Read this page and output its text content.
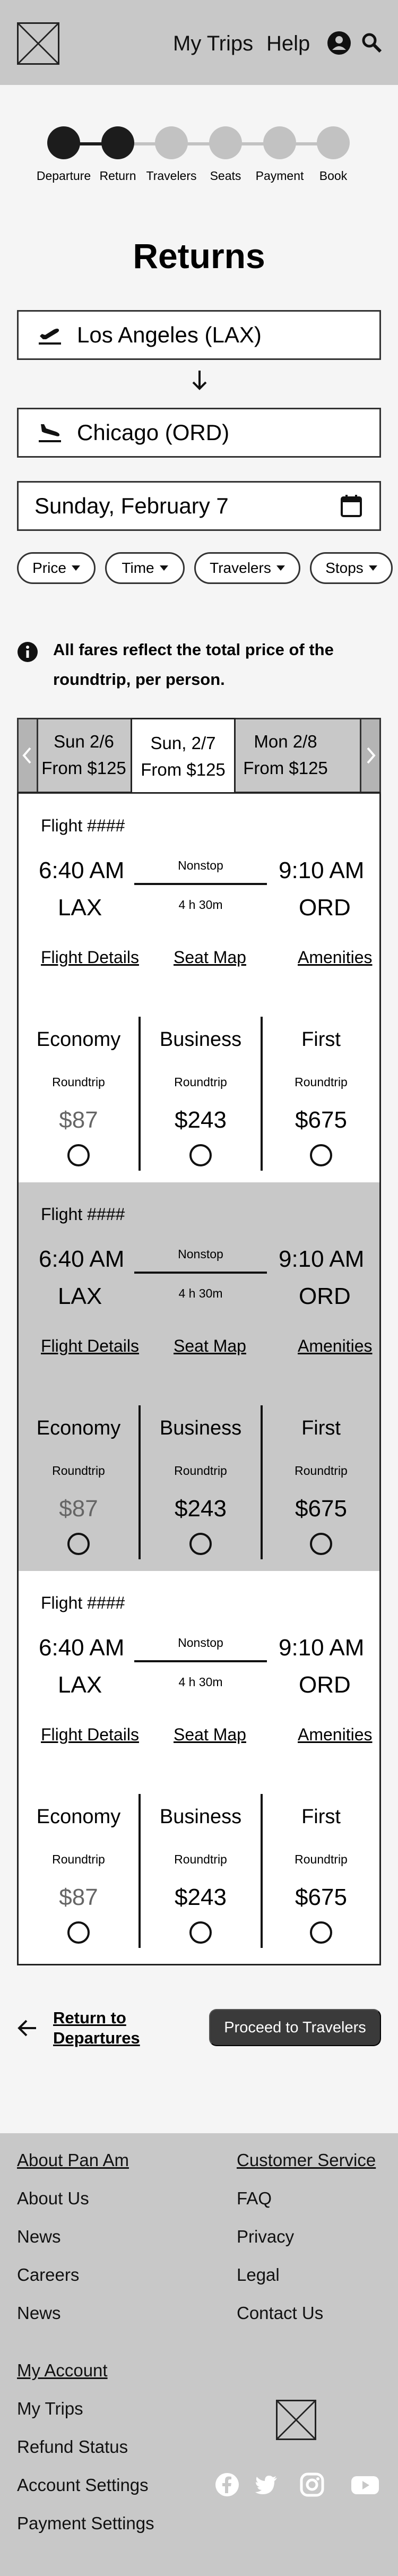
My Trips Help
Departure Return Travelers	Seats	Payment	Book
Returns
Los Angeles (LAX)
Chicago (ORD)
Sunday, February 7
Price	Time	Travelers	Stops

All fares reflect the total price of the roundtrip, per person.

Sun 2/6
From $125
Sun, 2/7
From $125
Mon 2/8
From $125
Flight ####
6:40 AM
LAX
Nonstop
4 h 30m
9:10 AM
ORD
Flight Details Seat Map	Amenities
Economy
Roundtrip
$87
Business
Roundtrip
$243
First
Roundtrip
$675
Flight ####
6:40 AM
LAX
Nonstop
4 h 30m
9:10 AM
ORD
Flight Details Seat Map	Amenities
Economy
Roundtrip
$87
Business
Roundtrip
$243
First
Roundtrip
$675
Flight ####
6:40 AM
LAX
Nonstop
4 h 30m
9:10 AM
ORD
Flight Details Seat Map	Amenities
Economy
Roundtrip
$87
Business
Roundtrip
$243
First
Roundtrip
$675
Return to
Departures
Proceed to Travelers
About Pan Am
About Us
News
Careers
News
Customer Service
FAQ
Privacy
Legal
Contact Us
My Account
My Trips
Refund Status
Account Settings
Payment Settings
